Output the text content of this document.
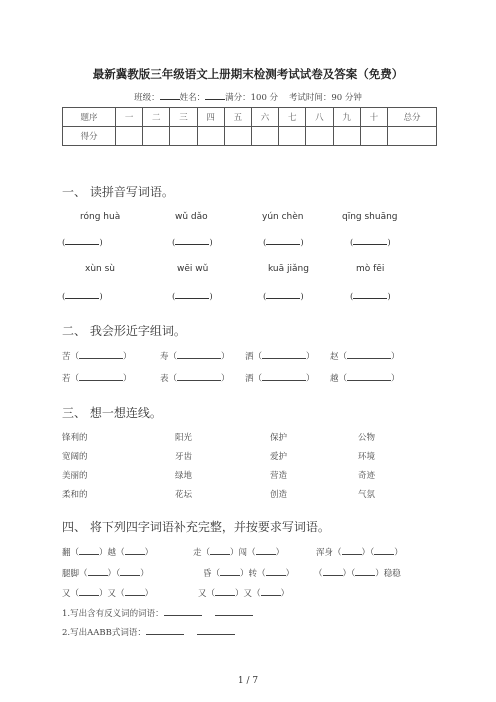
最新冀教版三年级语文上册期末检测考试试卷及答案（免费）
班级： 姓名： 满分：100 分 考试时间：90 分钟
题序	一	二	三	四	五	六	七	八	九	十	总分
得分											
一、 读拼音写词语。
róng huà	wǔ dǎo	yún chèn	qīng shuāng
(	)	(	)	(	)	(	)
xùn sù	wēi wǔ	kuā jiǎng	mò fēi
(	)	(	)	(	)	(	)
二、 我会形近字组词。
苦（	）	寿（	） 洒（	） 赵（	）
若（	）	表（	） 洒（	） 越（	）
三、 想一想连线。
锋利的	阳光	保护	公物
宽阔的	牙齿	爱护	环境
美丽的	绿地	营造	奇迹
柔和的	花坛	创造	气氛
四、 将下列四字词语补充完整，并按要求写词语。
翻（ ）越（ ）	走（ ）闯（ ）	浑身（ ）（ ）
腿脚（ ）（ ）	昏（ ）转（ ） （ ）（ ）稳稳
又（ ）又（ ）	又（ ）又（ ）
1.写出含有反义词的词语：
2.写出AABB式词语：
1 / 7
